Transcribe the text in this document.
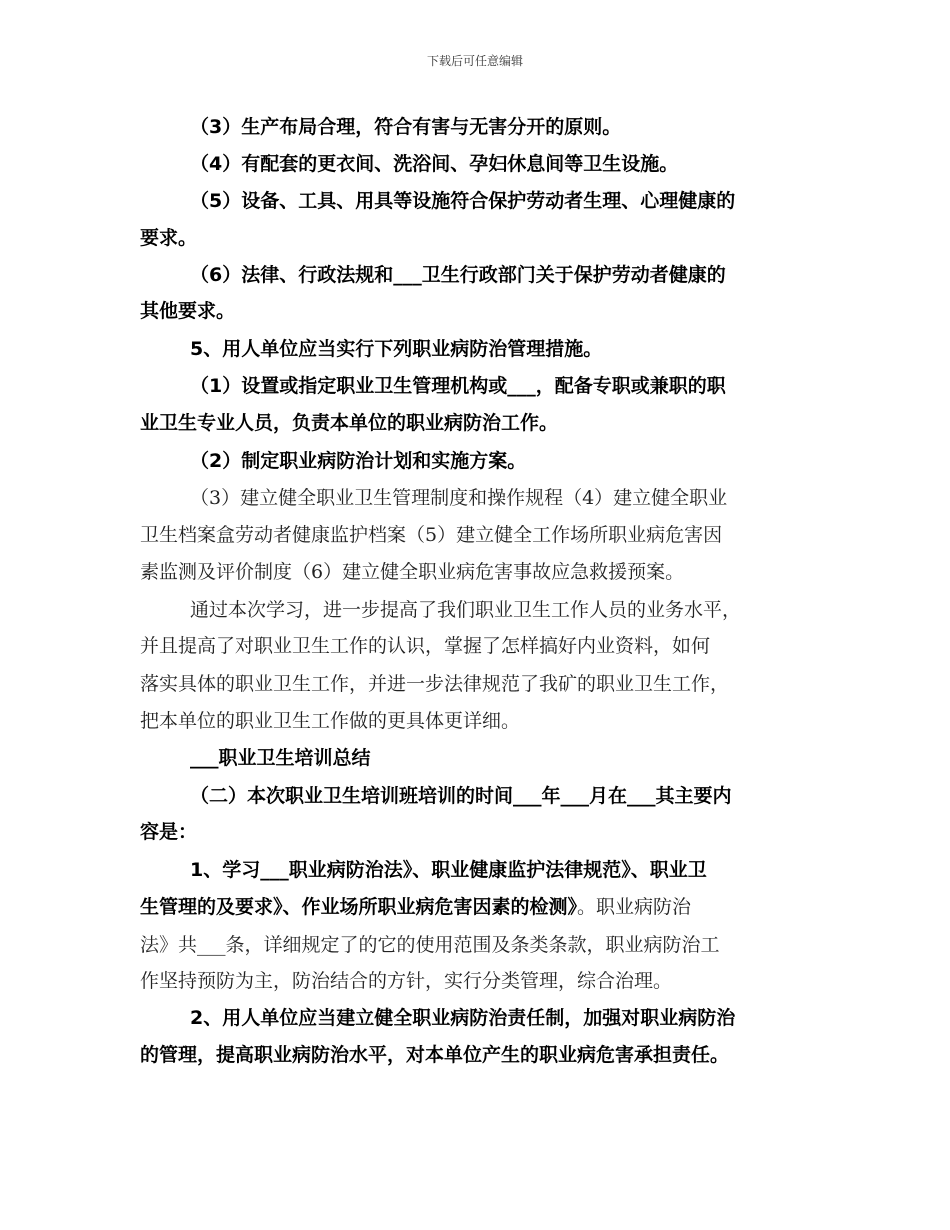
下载后可任意编辑
（3）生产布局合理，符合有害与无害分开的原则。
（4）有配套的更衣间、洗浴间、孕妇休息间等卫生设施。
（5）设备、工具、用具等设施符合保护劳动者生理、心理健康的
要求。
（6）法律、行政法规和___卫生行政部门关于保护劳动者健康的
其他要求。
5、用人单位应当实行下列职业病防治管理措施。
（1）设置或指定职业卫生管理机构或___，配备专职或兼职的职
业卫生专业人员，负责本单位的职业病防治工作。
（2）制定职业病防治计划和实施方案。
（3）建立健全职业卫生管理制度和操作规程（4）建立健全职业
卫生档案盒劳动者健康监护档案（5）建立健全工作场所职业病危害因
素监测及评价制度（6）建立健全职业病危害事故应急救援预案。
通过本次学习，进一步提高了我们职业卫生工作人员的业务水平，
并且提高了对职业卫生工作的认识，掌握了怎样搞好内业资料，如何
落实具体的职业卫生工作，并进一步法律规范了我矿的职业卫生工作，
把本单位的职业卫生工作做的更具体更详细。
___职业卫生培训总结
（二）本次职业卫生培训班培训的时间___年___月在___其主要内
容是：
1、学习___职业病防治法》、职业健康监护法律规范》、职业卫
生管理的及要求》、作业场所职业病危害因素的检测》。职业病防治
法》共___条，详细规定了的它的使用范围及条类条款，职业病防治工
作坚持预防为主，防治结合的方针，实行分类管理，综合治理。
2、用人单位应当建立健全职业病防治责任制，加强对职业病防治
的管理，提高职业病防治水平，对本单位产生的职业病危害承担责任。
